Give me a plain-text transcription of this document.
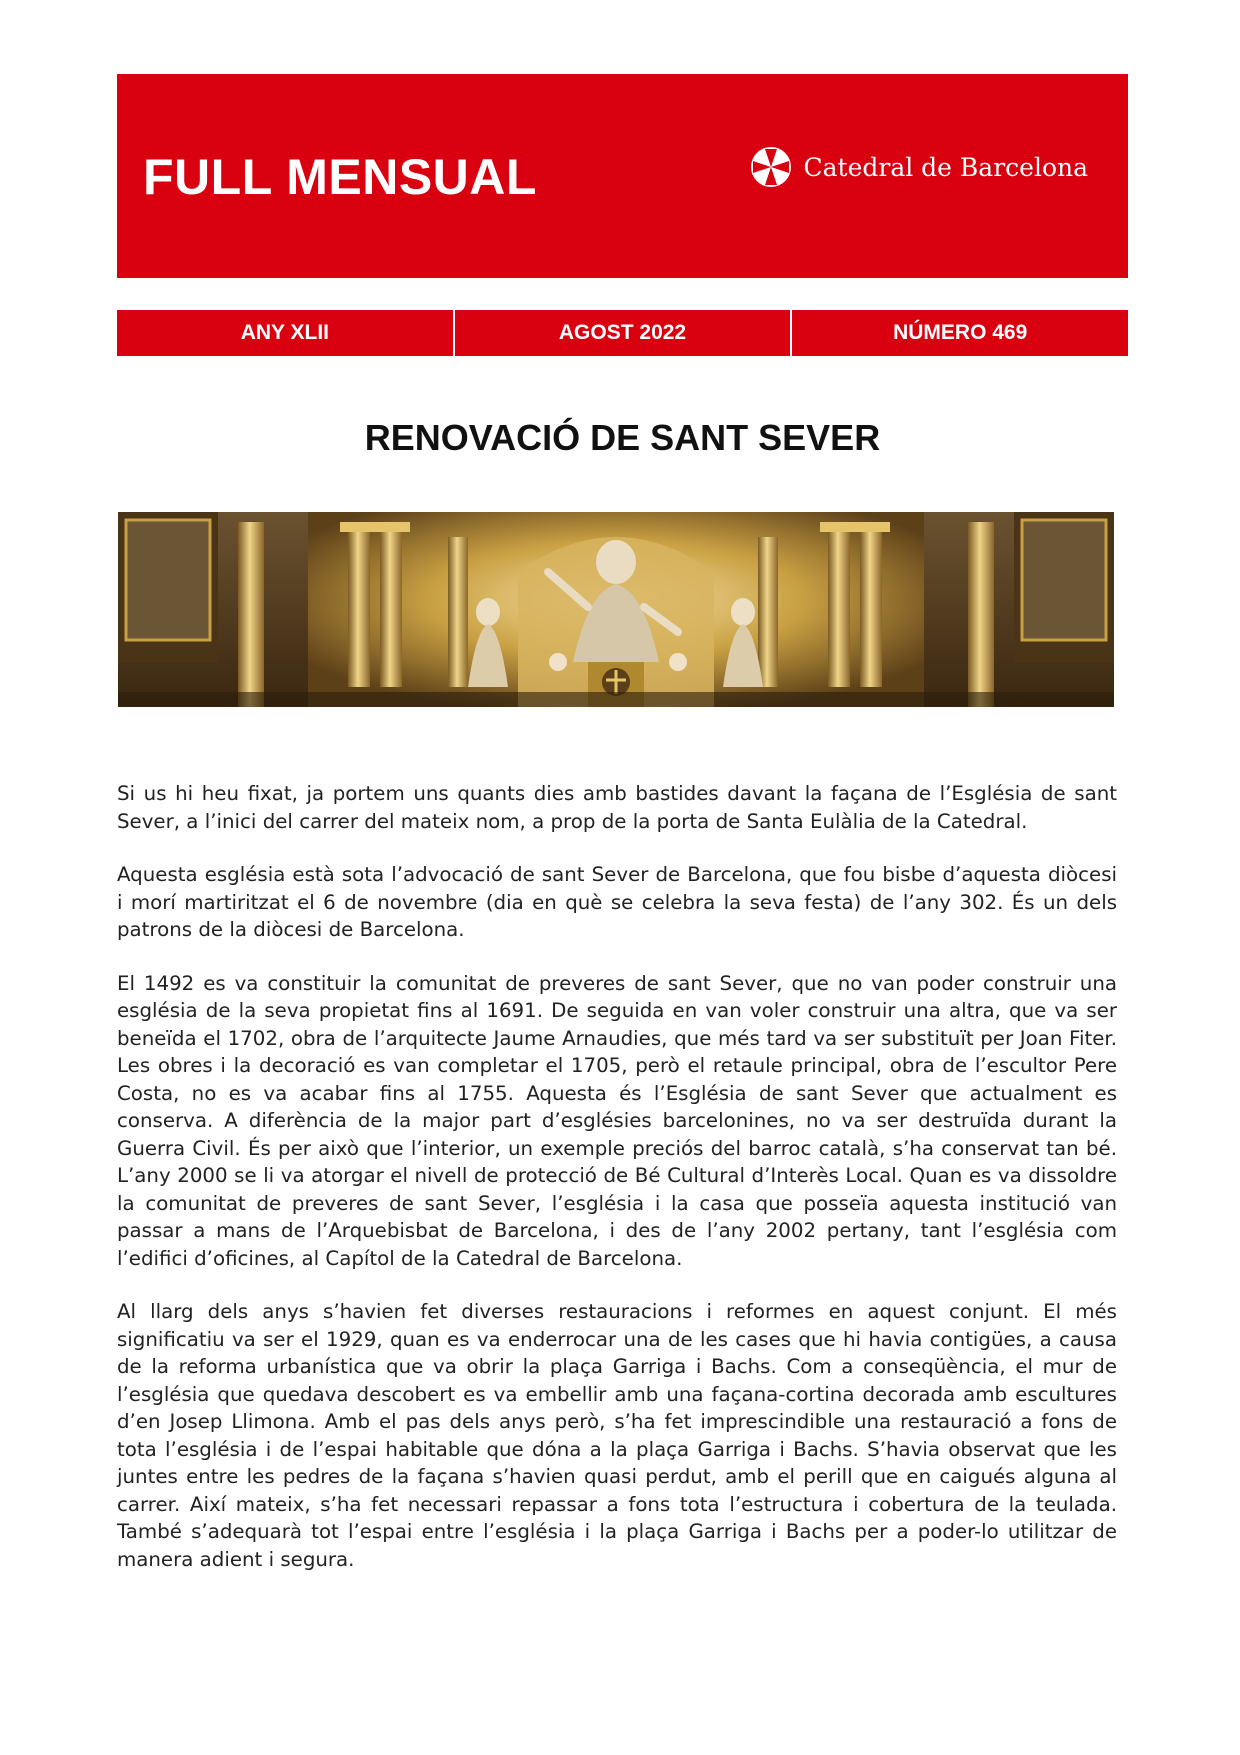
FULL MENSUAL	Catedral de Barcelona
ANY XLII	AGOST 2022	NÚMERO 469
RENOVACIÓ DE SANT SEVER

Si us hi heu fixat, ja portem uns quants dies amb bastides davant la façana de l’Església de sant Sever, a l’inici del carrer del mateix nom, a prop de la porta de Santa Eulàlia de la Catedral.

Aquesta església està sota l’advocació de sant Sever de Barcelona, que fou bisbe d’aquesta diòcesi i morí martiritzat el 6 de novembre (dia en què se celebra la seva festa) de l’any 302. És un dels patrons de la diòcesi de Barcelona.

El 1492 es va constituir la comunitat de preveres de sant Sever, que no van poder construir una església de la seva propietat fins al 1691. De seguida en van voler construir una altra, que va ser beneïda el 1702, obra de l’arquitecte Jaume Arnaudies, que més tard va ser substituït per Joan Fiter. Les obres i la decoració es van completar el 1705, però el retaule principal, obra de l’escultor Pere Costa, no es va acabar fins al 1755. Aquesta és l’Església de sant Sever que actualment es conserva. A diferència de la major part d’esglésies barcelonines, no va ser destruïda durant la Guerra Civil. És per això que l’interior, un exemple preciós del barroc català, s’ha conservat tan bé. L’any 2000 se li va atorgar el nivell de protecció de Bé Cultural d’Interès Local. Quan es va dissoldre la comunitat de preveres de sant Sever, l’església i la casa que posseïa aquesta institució van passar a mans de l’Arquebisbat de Barcelona, i des de l’any 2002 pertany, tant l’església com l’edifici d’oficines, al Capítol de la Catedral de Barcelona.

Al llarg dels anys s’havien fet diverses restauracions i reformes en aquest conjunt. El més significatiu va ser el 1929, quan es va enderrocar una de les cases que hi havia contigües, a causa de la reforma urbanística que va obrir la plaça Garriga i Bachs. Com a conseqüència, el mur de l’església que quedava descobert es va embellir amb una façana-cortina decorada amb escultures d’en Josep Llimona. Amb el pas dels anys però, s’ha fet imprescindible una restauració a fons de tota l’església i de l’espai habitable que dóna a la plaça Garriga i Bachs. S’havia observat que les juntes entre les pedres de la façana s’havien quasi perdut, amb el perill que en caigués alguna al carrer. Així mateix, s’ha fet necessari repassar a fons tota l’estructura i cobertura de la teulada. També s’adequarà tot l’espai entre l’església i la plaça Garriga i Bachs per a poder-lo utilitzar de manera adient i segura.
